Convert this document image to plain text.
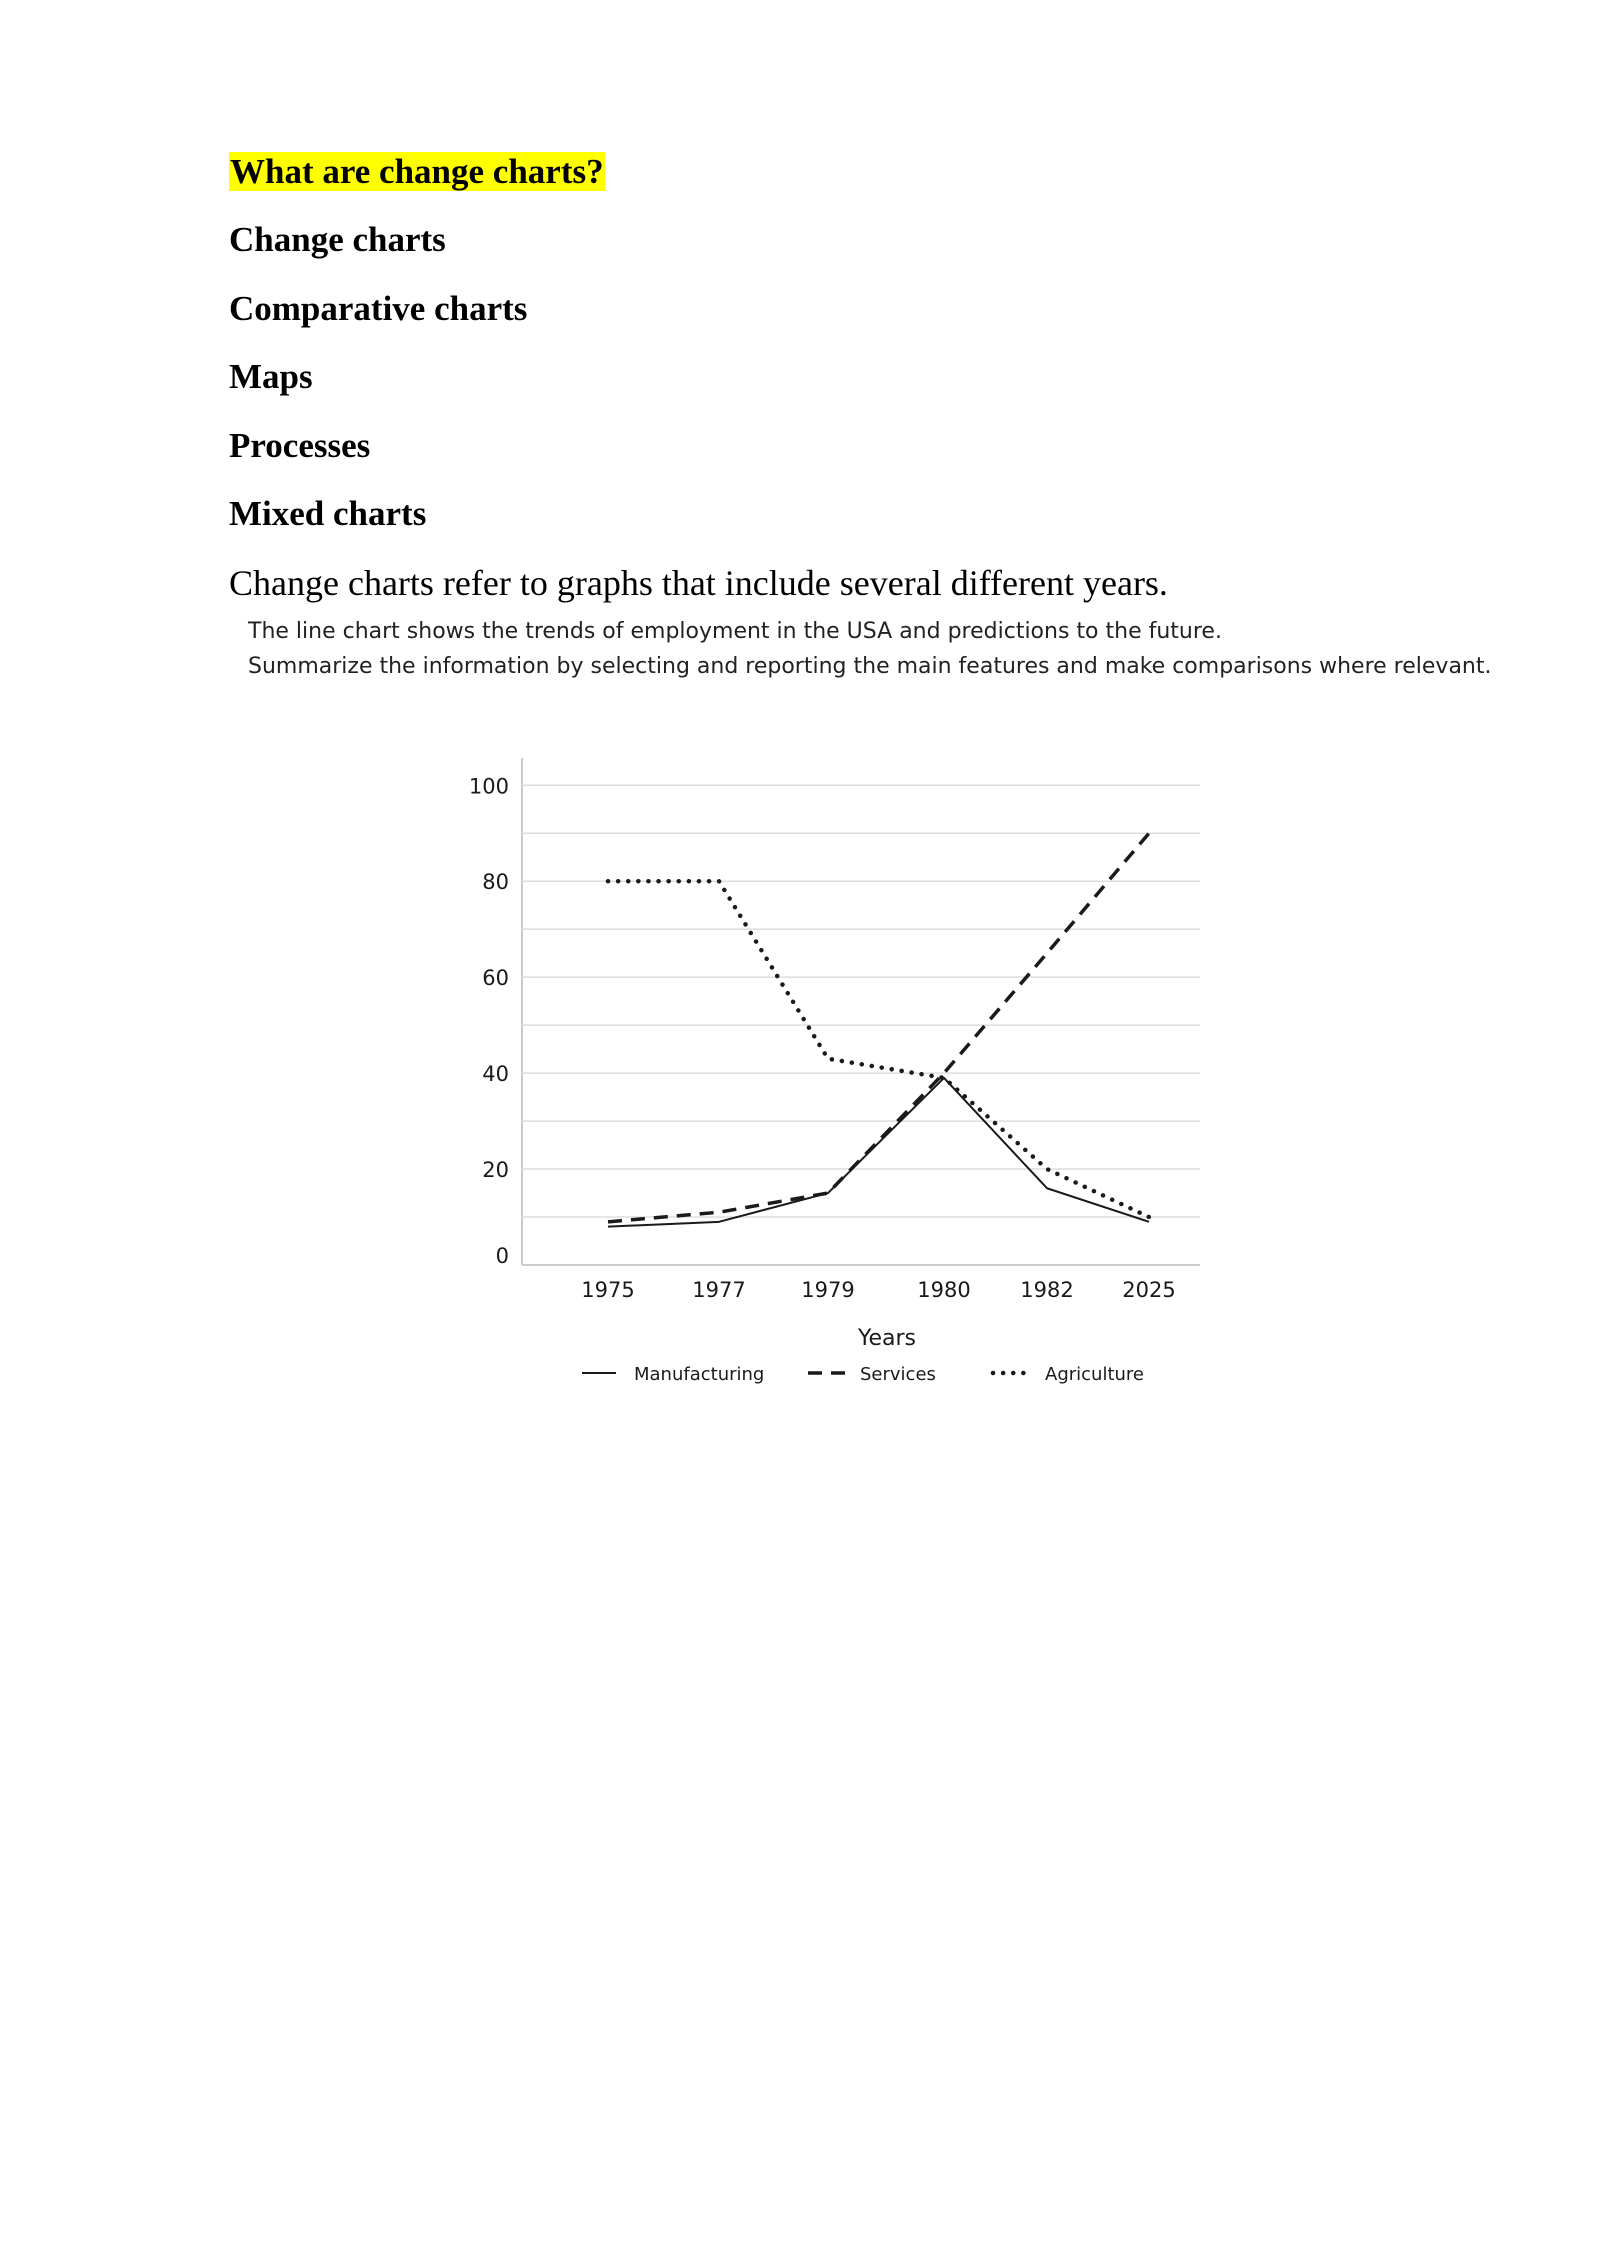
What are change charts?
Change charts
Comparative charts
Maps
Processes
Mixed charts

Change charts refer to graphs that include several different years.

The line chart shows the trends of employment in the USA and predictions to the future.

Summarize the information by selecting and reporting the main features and make comparisons where relevant.

0
20
40
60
80
100
1975	1977	1979	1980 1982 2025
Years
Manufacturing	Services	Agriculture
